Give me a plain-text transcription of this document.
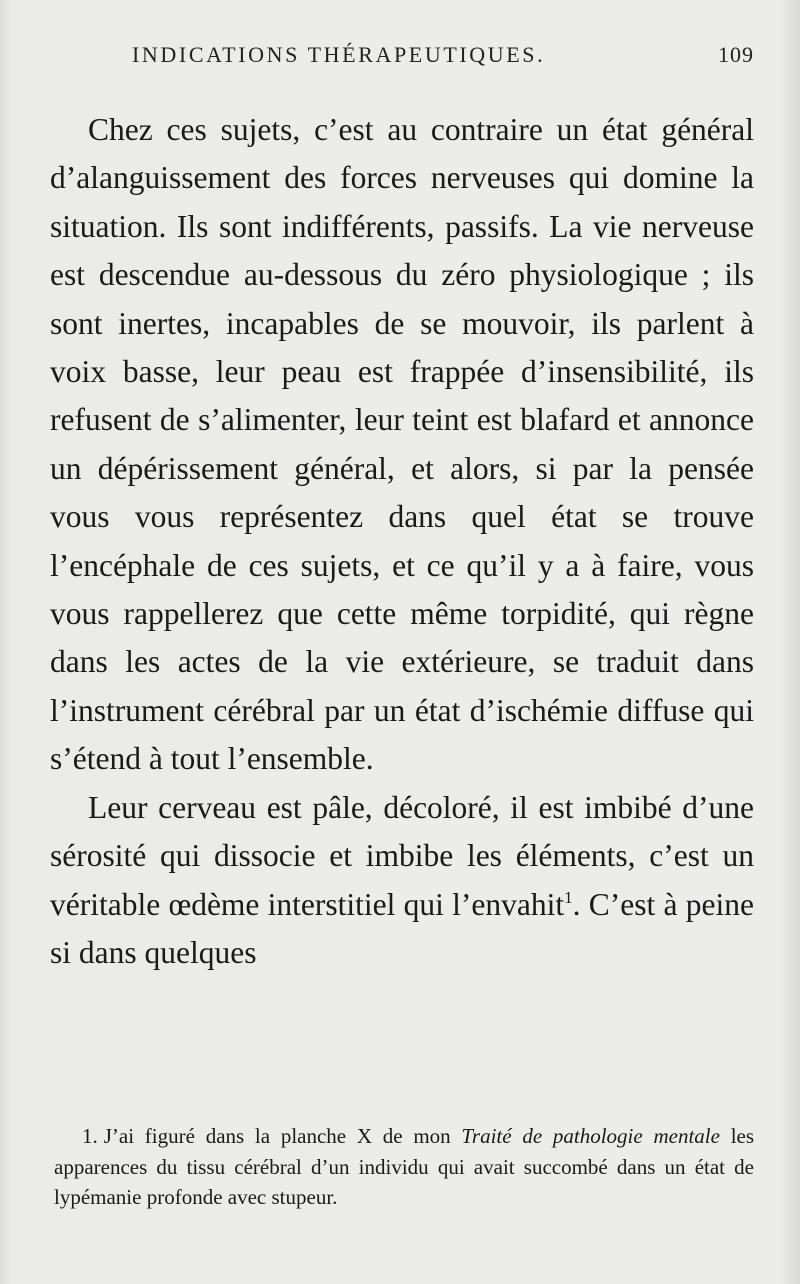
INDICATIONS THÉRAPEUTIQUES.	109

Chez ces sujets, c’est au contraire un état général d’alanguissement des forces nerveuses qui domine la situation. Ils sont indifférents, passifs. La vie nerveuse est descendue au-dessous du zéro physiologique ; ils sont inertes, incapables de se mouvoir, ils parlent à voix basse, leur peau est frappée d’insensibilité, ils refusent de s’alimenter, leur teint est blafard et annonce un dépérissement général, et alors, si par la pensée vous vous représentez dans quel état se trouve l’encéphale de ces sujets, et ce qu’il y a à faire, vous vous rappellerez que cette même torpidité, qui règne dans les actes de la vie extérieure, se traduit dans l’instrument cérébral par un état d’ischémie diffuse qui s’étend à tout l’ensemble.

Leur cerveau est pâle, décoloré, il est imbibé d’une sérosité qui dissocie et imbibe les éléments, c’est un véritable œdème interstitiel qui l’envahit$^1$. C’est à peine si dans quelques

1. J’ai figuré dans la planche X de mon Traité de pathologie mentale les apparences du tissu cérébral d’un individu qui avait succombé dans un état de lypémanie profonde avec stupeur.
